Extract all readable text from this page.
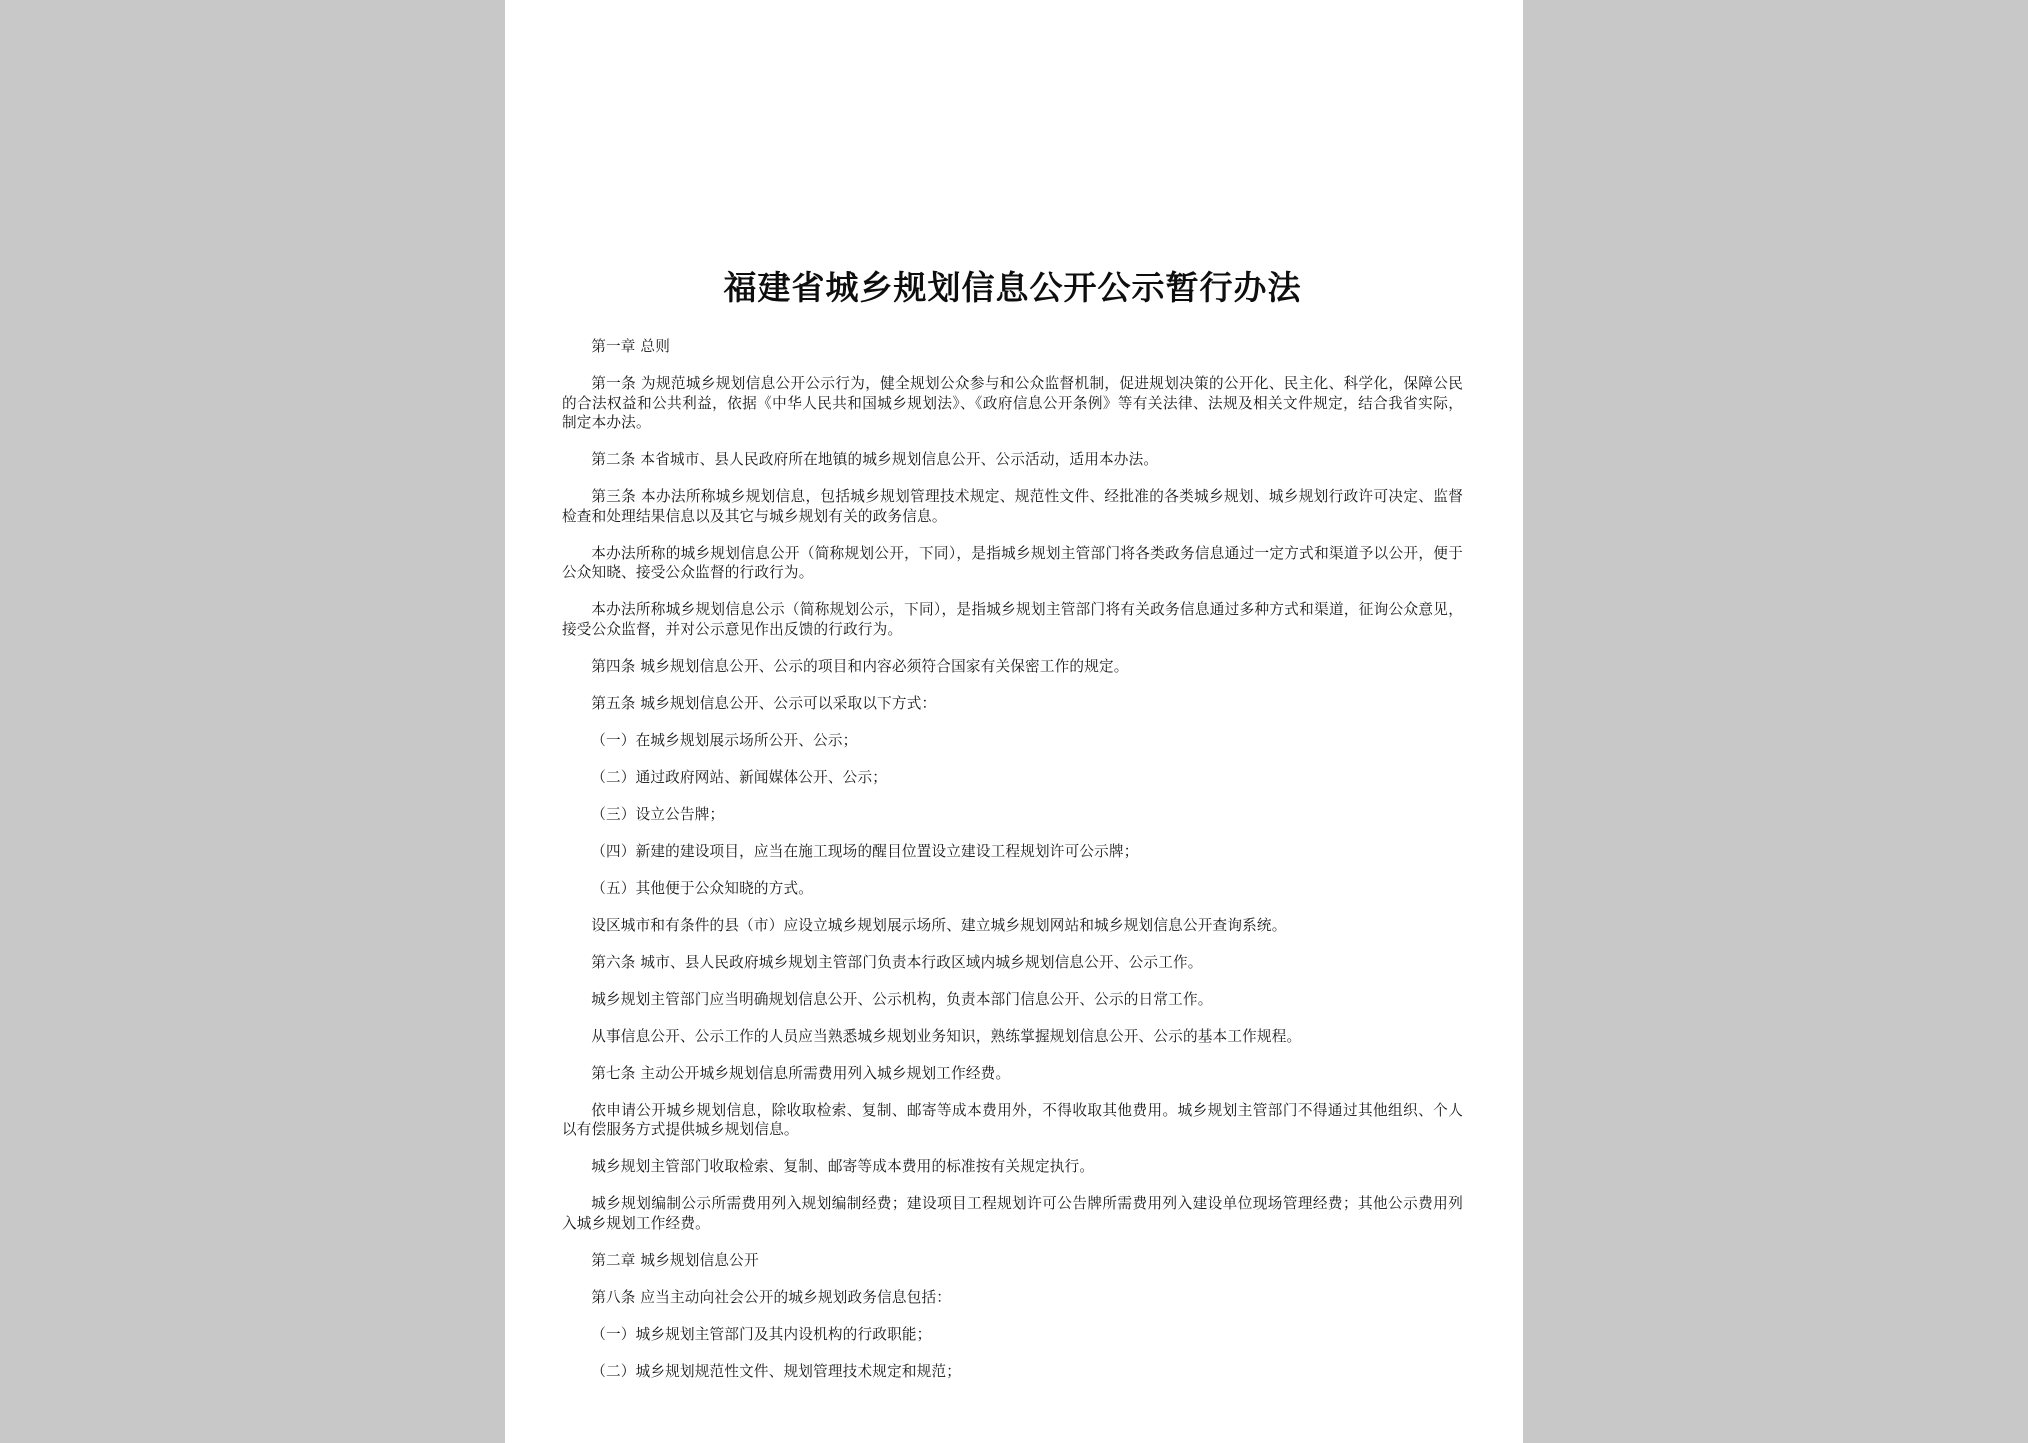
福建省城乡规划信息公开公示暂行办法

第一章 总则

第一条 为规范城乡规划信息公开公示行为，健全规划公众参与和公众监督机制，促进规划决策的公开化、民主化、科学化，保障公民的合法权益和公共利益，依据《中华人民共和国城乡规划法》、《政府信息公开条例》等有关法律、法规及相关文件规定，结合我省实际，制定本办法。

第二条 本省城市、县人民政府所在地镇的城乡规划信息公开、公示活动，适用本办法。

第三条 本办法所称城乡规划信息，包括城乡规划管理技术规定、规范性文件、经批准的各类城乡规划、城乡规划行政许可决定、监督检查和处理结果信息以及其它与城乡规划有关的政务信息。

本办法所称的城乡规划信息公开（简称规划公开，下同），是指城乡规划主管部门将各类政务信息通过一定方式和渠道予以公开，便于公众知晓、接受公众监督的行政行为。

本办法所称城乡规划信息公示（简称规划公示，下同），是指城乡规划主管部门将有关政务信息通过多种方式和渠道，征询公众意见，接受公众监督，并对公示意见作出反馈的行政行为。

第四条 城乡规划信息公开、公示的项目和内容必须符合国家有关保密工作的规定。

第五条 城乡规划信息公开、公示可以采取以下方式：

（一）在城乡规划展示场所公开、公示；

（二）通过政府网站、新闻媒体公开、公示；

（三）设立公告牌；

（四）新建的建设项目，应当在施工现场的醒目位置设立建设工程规划许可公示牌；

（五）其他便于公众知晓的方式。

设区城市和有条件的县（市）应设立城乡规划展示场所、建立城乡规划网站和城乡规划信息公开查询系统。

第六条 城市、县人民政府城乡规划主管部门负责本行政区域内城乡规划信息公开、公示工作。

城乡规划主管部门应当明确规划信息公开、公示机构，负责本部门信息公开、公示的日常工作。

从事信息公开、公示工作的人员应当熟悉城乡规划业务知识，熟练掌握规划信息公开、公示的基本工作规程。

第七条 主动公开城乡规划信息所需费用列入城乡规划工作经费。

依申请公开城乡规划信息，除收取检索、复制、邮寄等成本费用外，不得收取其他费用。城乡规划主管部门不得通过其他组织、个人以有偿服务方式提供城乡规划信息。

城乡规划主管部门收取检索、复制、邮寄等成本费用的标准按有关规定执行。

城乡规划编制公示所需费用列入规划编制经费；建设项目工程规划许可公告牌所需费用列入建设单位现场管理经费；其他公示费用列入城乡规划工作经费。

第二章 城乡规划信息公开

第八条 应当主动向社会公开的城乡规划政务信息包括：

（一）城乡规划主管部门及其内设机构的行政职能；

（二）城乡规划规范性文件、规划管理技术规定和规范；
